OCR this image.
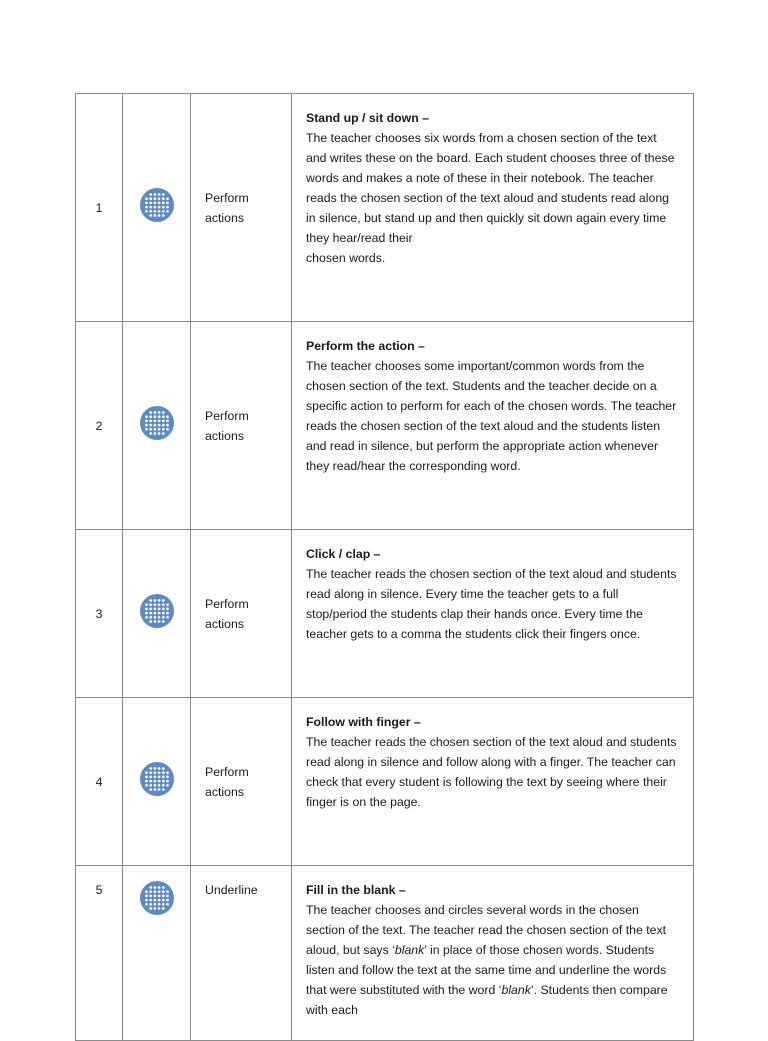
1		Perform actions	Stand up / sit down –
The teacher chooses six words from a chosen section of the text and writes these on the board. Each student chooses three of these words and makes a note of these in their notebook. The teacher reads the chosen section of the text aloud and students read along in silence, but stand up and then quickly sit down again every time they hear/read their
chosen words.

2		Perform actions	Perform the action –
The teacher chooses some important/common words from the chosen section of the text. Students and the teacher decide on a specific action to perform for each of the chosen words. The teacher reads the chosen section of the text aloud and the students listen and read in silence, but perform the appropriate action whenever they read/hear the corresponding word.

3		Perform actions	Click / clap –
The teacher reads the chosen section of the text aloud and students read along in silence. Every time the teacher gets to a full stop/period the students clap their hands once. Every time the teacher gets to a comma the students click their fingers once.

4		Perform actions	Follow with finger –
The teacher reads the chosen section of the text aloud and students read along in silence and follow along with a finger. The teacher can check that every student is following the text by seeing where their finger is on the page.

5		Underline	Fill in the blank –
The teacher chooses and circles several words in the chosen section of the text. The teacher read the chosen section of the text aloud, but says ‘blank’ in place of those chosen words. Students listen and follow the text at the same time and underline the words that were substituted with the word ‘blank’. Students then compare with each
